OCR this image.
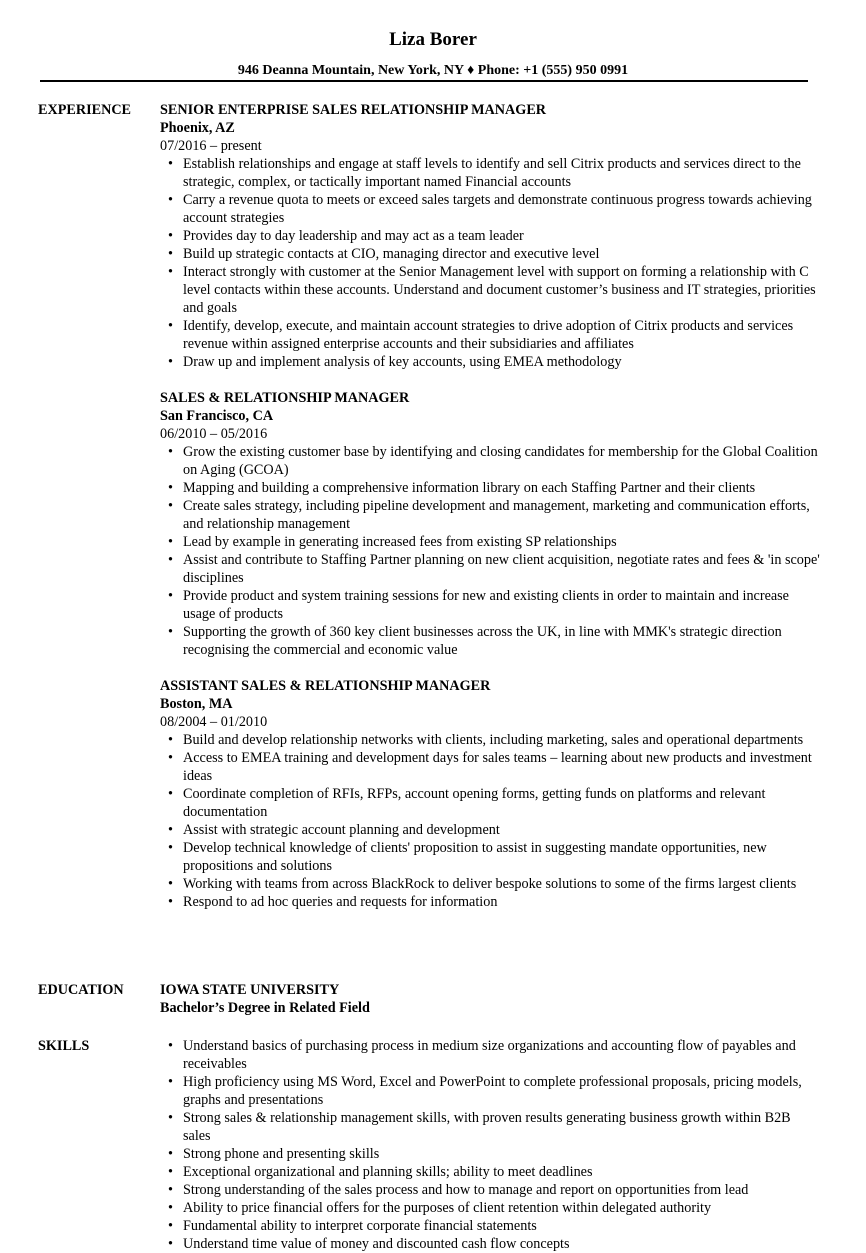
Liza Borer
946 Deanna Mountain, New York, NY ♦ Phone: +1 (555) 950 0991
EXPERIENCE SENIOR ENTERPRISE SALES RELATIONSHIP MANAGER
Phoenix, AZ
07/2016 – present
• Establish relationships and engage at staff levels to identify and sell Citrix products and services direct to the strategic, complex, or tactically important named Financial accounts
• Carry a revenue quota to meets or exceed sales targets and demonstrate continuous progress towards achieving account strategies
• Provides day to day leadership and may act as a team leader
• Build up strategic contacts at CIO, managing director and executive level
• Interact strongly with customer at the Senior Management level with support on forming a relationship with C level contacts within these accounts. Understand and document customer’s business and IT strategies, priorities and goals
• Identify, develop, execute, and maintain account strategies to drive adoption of Citrix products and services revenue within assigned enterprise accounts and their subsidiaries and affiliates
• Draw up and implement analysis of key accounts, using EMEA methodology
SALES & RELATIONSHIP MANAGER
San Francisco, CA
06/2010 – 05/2016
• Grow the existing customer base by identifying and closing candidates for membership for the Global Coalition on Aging (GCOA)
• Mapping and building a comprehensive information library on each Staffing Partner and their clients
• Create sales strategy, including pipeline development and management, marketing and communication efforts, and relationship management
• Lead by example in generating increased fees from existing SP relationships
• Assist and contribute to Staffing Partner planning on new client acquisition, negotiate rates and fees & 'in scope' disciplines
• Provide product and system training sessions for new and existing clients in order to maintain and increase usage of products
• Supporting the growth of 360 key client businesses across the UK, in line with MMK's strategic direction recognising the commercial and economic value
ASSISTANT SALES & RELATIONSHIP MANAGER
Boston, MA
08/2004 – 01/2010
• Build and develop relationship networks with clients, including marketing, sales and operational departments
• Access to EMEA training and development days for sales teams – learning about new products and investment ideas
• Coordinate completion of RFIs, RFPs, account opening forms, getting funds on platforms and relevant documentation
• Assist with strategic account planning and development
• Develop technical knowledge of clients' proposition to assist in suggesting mandate opportunities, new propositions and solutions
• Working with teams from across BlackRock to deliver bespoke solutions to some of the firms largest clients
• Respond to ad hoc queries and requests for information
EDUCATION	IOWA STATE UNIVERSITY
Bachelor’s Degree in Related Field
SKILLS	• Understand basics of purchasing process in medium size organizations and accounting flow of payables and receivables
• High proficiency using MS Word, Excel and PowerPoint to complete professional proposals, pricing models, graphs and presentations
• Strong sales & relationship management skills, with proven results generating business growth within B2B sales
• Strong phone and presenting skills
• Exceptional organizational and planning skills; ability to meet deadlines
• Strong understanding of the sales process and how to manage and report on opportunities from lead
• Ability to price financial offers for the purposes of client retention within delegated authority
• Fundamental ability to interpret corporate financial statements
• Understand time value of money and discounted cash flow concepts
